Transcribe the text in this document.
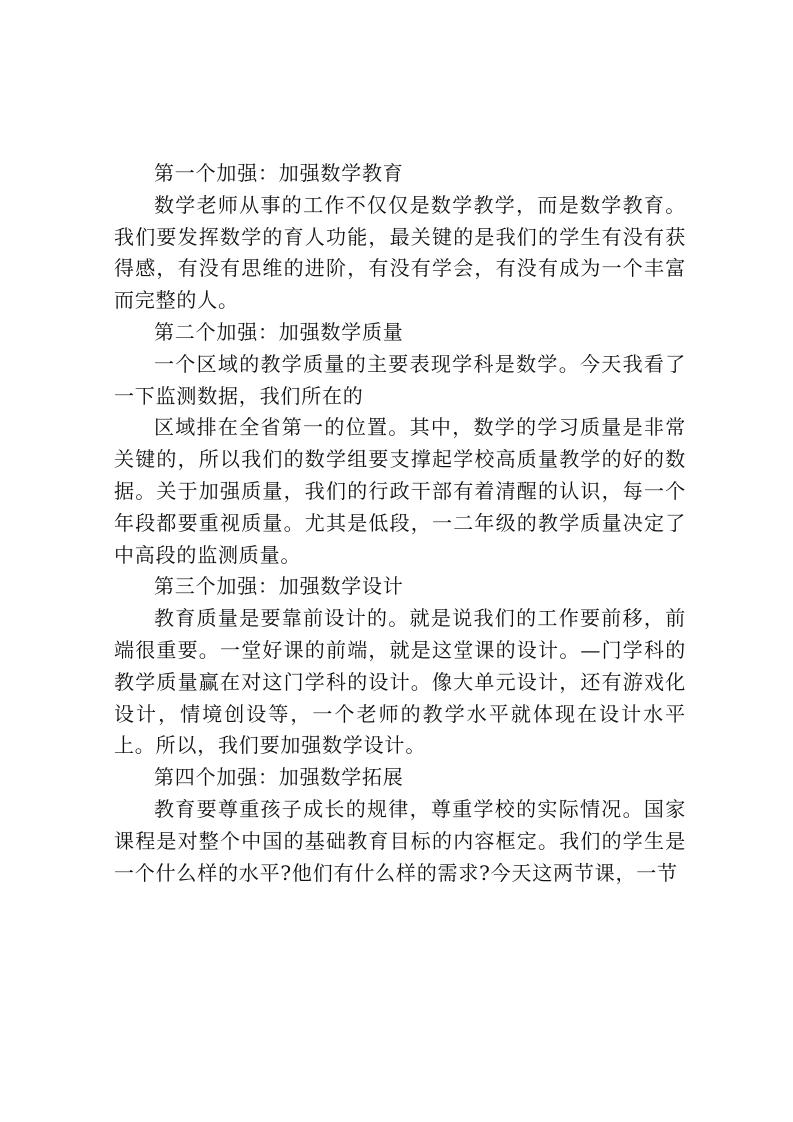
第一个加强：加强数学教育

数学老师从事的工作不仅仅是数学教学，而是数学教育。我们要发挥数学的育人功能，最关键的是我们的学生有没有获得感，有没有思维的进阶，有没有学会，有没有成为一个丰富而完整的人。

第二个加强：加强数学质量

一个区域的教学质量的主要表现学科是数学。今天我看了一下监测数据，我们所在的

区域排在全省第一的位置。其中，数学的学习质量是非常关键的，所以我们的数学组要支撑起学校高质量教学的好的数据。关于加强质量，我们的行政干部有着清醒的认识，每一个年段都要重视质量。尤其是低段，一二年级的教学质量决定了中高段的监测质量。

第三个加强：加强数学设计

教育质量是要靠前设计的。就是说我们的工作要前移，前端很重要。一堂好课的前端，就是这堂课的设计。—门学科的教学质量赢在对这门学科的设计。像大单元设计，还有游戏化设计，情境创设等，一个老师的教学水平就体现在设计水平上。所以，我们要加强数学设计。

第四个加强：加强数学拓展

教育要尊重孩子成长的规律，尊重学校的实际情况。国家课程是对整个中国的基础教育目标的内容框定。我们的学生是一个什么样的水平?他们有什么样的需求?今天这两节课，一节
